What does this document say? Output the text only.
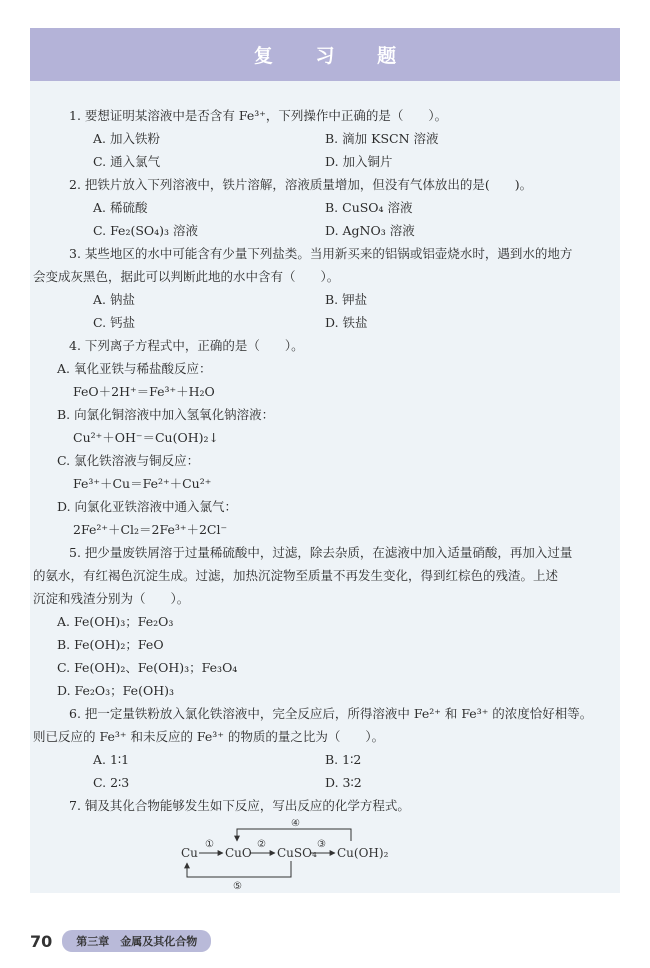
复 习 题
1. 要想证明某溶液中是否含有 Fe³⁺，下列操作中正确的是（　　）。
A. 加入铁粉	B. 滴加 KSCN 溶液
C. 通入氯气	D. 加入铜片
2. 把铁片放入下列溶液中，铁片溶解，溶液质量增加，但没有气体放出的是(　　)。
A. 稀硫酸	B. CuSO₄ 溶液
C. Fe₂(SO₄)₃ 溶液	D. AgNO₃ 溶液
3. 某些地区的水中可能含有少量下列盐类。当用新买来的铝锅或铝壶烧水时，遇到水的地方
会变成灰黑色，据此可以判断此地的水中含有（　　）。
A. 钠盐	B. 钾盐
C. 钙盐	D. 铁盐
4. 下列离子方程式中，正确的是（　　）。
A. 氧化亚铁与稀盐酸反应：
FeO＋2H⁺＝Fe³⁺＋H₂O
B. 向氯化铜溶液中加入氢氧化钠溶液：
Cu²⁺＋OH⁻＝Cu(OH)₂↓
C. 氯化铁溶液与铜反应：
Fe³⁺＋Cu＝Fe²⁺＋Cu²⁺
D. 向氯化亚铁溶液中通入氯气：
2Fe²⁺＋Cl₂＝2Fe³⁺＋2Cl⁻
5. 把少量废铁屑溶于过量稀硫酸中，过滤，除去杂质，在滤液中加入适量硝酸，再加入过量
的氨水，有红褐色沉淀生成。过滤，加热沉淀物至质量不再发生变化，得到红棕色的残渣。上述
沉淀和残渣分别为（　　）。
A. Fe(OH)₃；Fe₂O₃
B. Fe(OH)₂；FeO
C. Fe(OH)₂、Fe(OH)₃；Fe₃O₄
D. Fe₂O₃；Fe(OH)₃
6. 把一定量铁粉放入氯化铁溶液中，完全反应后，所得溶液中 Fe²⁺ 和 Fe³⁺ 的浓度恰好相等。
则已反应的 Fe³⁺ 和未反应的 Fe³⁺ 的物质的量之比为（　　）。
A. 1∶1	B. 1∶2
C. 2∶3	D. 3∶2
7. 铜及其化合物能够发生如下反应，写出反应的化学方程式。
Cu CuO CuSO₄ Cu(OH)₂
①	②	③
④
⑤
70	第三章　金属及其化合物
